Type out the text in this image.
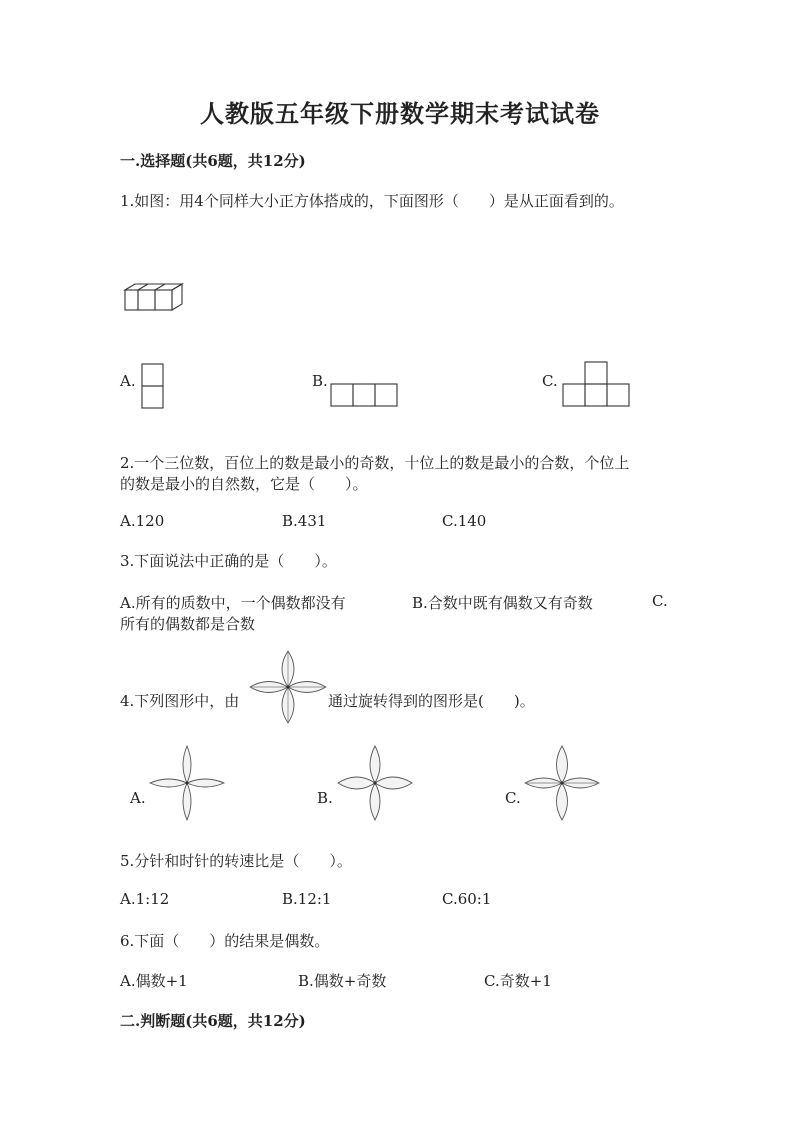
人教版五年级下册数学期末考试试卷
一.选择题(共6题，共12分)
1.如图：用4个同样大小正方体搭成的，下面图形（　　）是从正面看到的。
A.	B.	C.
2.一个三位数，百位上的数是最小的奇数，十位上的数是最小的合数，个位上
的数是最小的自然数，它是（　　）。
A.120	B.431	C.140
3.下面说法中正确的是（　　）。
A.所有的质数中，一个偶数都没有	B.合数中既有偶数又有奇数	C.
所有的偶数都是合数
4.下列图形中，由	通过旋转得到的图形是(　　)。
A.	B.	C.
5.分针和时针的转速比是（　　）。
A.1:12	B.12:1	C.60:1
6.下面（　　）的结果是偶数。
A.偶数+1	B.偶数+奇数	C.奇数+1
二.判断题(共6题，共12分)
